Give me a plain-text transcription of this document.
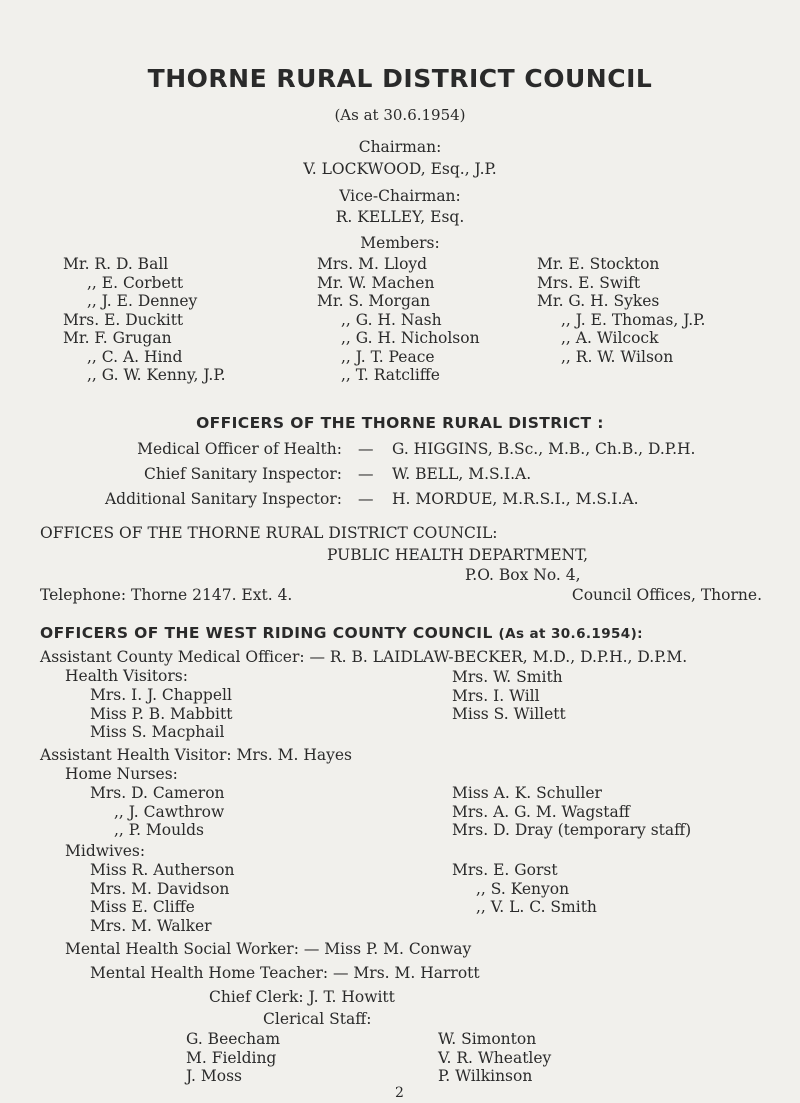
THORNE RURAL DISTRICT COUNCIL
(As at 30.6.1954)
Chairman:
V. LOCKWOOD, Esq., J.P.
Vice-Chairman:
R. KELLEY, Esq.
Members:
Mr. R. D. Ball
,, E. Corbett
,, J. E. Denney
Mrs. E. Duckitt
Mr. F. Grugan
,, C. A. Hind
,, G. W. Kenny, J.P.
Mrs. M. Lloyd
Mr. W. Machen
Mr. S. Morgan
,, G. H. Nash
,, G. H. Nicholson
,, J. T. Peace
,, T. Ratcliffe
Mr. E. Stockton
Mrs. E. Swift
Mr. G. H. Sykes
,, J. E. Thomas, J.P.
,, A. Wilcock
,, R. W. Wilson
OFFICERS OF THE THORNE RURAL DISTRICT :
Medical Officer of Health: — G. HIGGINS, B.Sc., M.B., Ch.B., D.P.H.
Chief Sanitary Inspector: — W. BELL, M.S.I.A.
Additional Sanitary Inspector: — H. MORDUE, M.R.S.I., M.S.I.A.
OFFICES OF THE THORNE RURAL DISTRICT COUNCIL:
PUBLIC HEALTH DEPARTMENT,
P.O. Box No. 4,
Telephone: Thorne 2147. Ext. 4.	Council Offices, Thorne.
OFFICERS OF THE WEST RIDING COUNTY COUNCIL (As at 30.6.1954):
Assistant County Medical Officer: — R. B. LAIDLAW-BECKER, M.D., D.P.H., D.P.M.
Health Visitors:
Mrs. I. J. Chappell
Miss P. B. Mabbitt
Miss S. Macphail
Mrs. W. Smith
Mrs. I. Will
Miss S. Willett
Assistant Health Visitor: Mrs. M. Hayes
Home Nurses:
Mrs. D. Cameron
,, J. Cawthrow
,, P. Moulds
Miss A. K. Schuller
Mrs. A. G. M. Wagstaff
Mrs. D. Dray (temporary staff)
Midwives:
Miss R. Autherson
Mrs. M. Davidson
Miss E. Cliffe
Mrs. M. Walker
Mrs. E. Gorst
,, S. Kenyon
,, V. L. C. Smith
Mental Health Social Worker: — Miss P. M. Conway
Mental Health Home Teacher: — Mrs. M. Harrott
Chief Clerk: J. T. Howitt
Clerical Staff:
G. Beecham
M. Fielding
J. Moss
W. Simonton
V. R. Wheatley
P. Wilkinson
2
